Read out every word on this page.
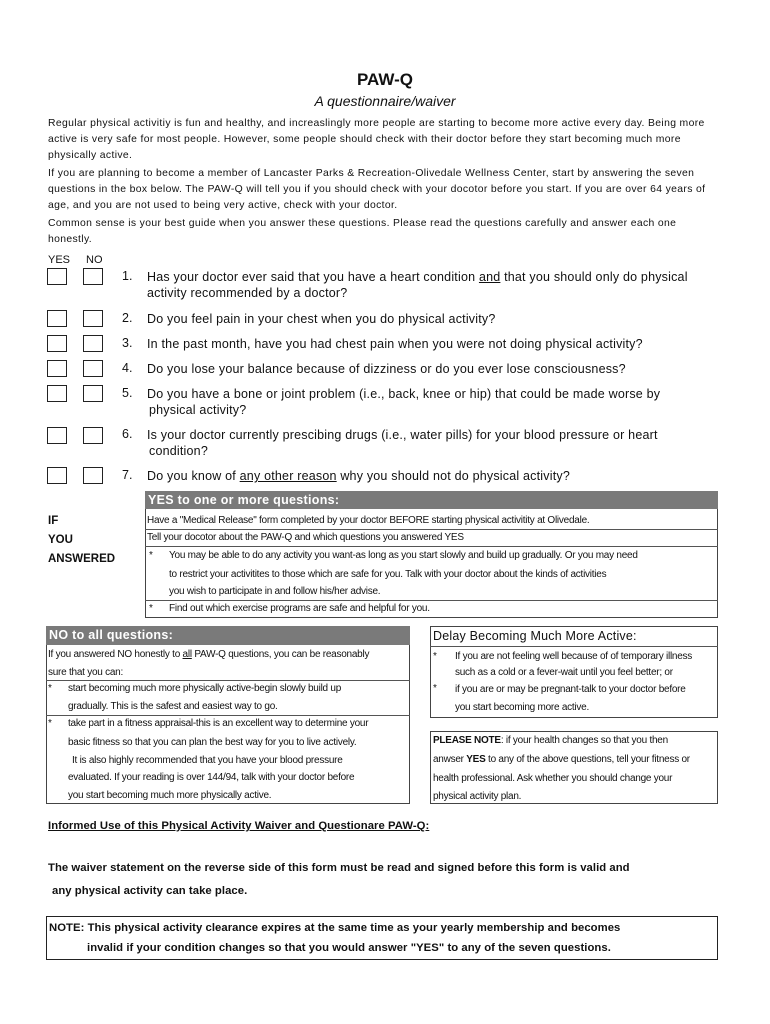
PAW-Q
A questionnaire/waiver

Regular physical activitiy is fun and healthy, and increaslingly more people are starting to become more active every day. Being more active is very safe for most people. However, some people should check with their doctor before they start becoming much more physically active.

If you are planning to become a member of Lancaster Parks & Recreation-Olivedale Wellness Center, start by answering the seven questions in the box below. The PAW-Q will tell you if you should check with your docotor before you start. If you are over 64 years of age, and you are not used to being very active, check with your doctor.

Common sense is your best guide when you answer these questions. Please read the questions carefully and answer each one honestly.

YES NO
1. Has your doctor ever said that you have a heart condition and that you should only do physical
activity recommended by a doctor?
2. Do you feel pain in your chest when you do physical activity?
3. In the past month, have you had chest pain when you were not doing physical activity?
4. Do you lose your balance because of dizziness or do you ever lose consciousness?
5. Do you have a bone or joint problem (i.e., back, knee or hip) that could be made worse by
physical activity?
6. Is your doctor currently prescibing drugs (i.e., water pills) for your blood pressure or heart
condition?
7. Do you know of any other reason why you should not do physical activity?
IF
YOU
ANSWERED
YES to one or more questions:
Have a "Medical Release" form completed by your doctor BEFORE starting physical activitity at Olivedale.
Tell your docotor about the PAW-Q and which questions you answered YES
* You may be able to do any activity you want-as long as you start slowly and build up gradually. Or you may need
to restrict your activitites to those which are safe for you. Talk with your doctor about the kinds of activities
you wish to participate in and follow his/her advise.
* Find out which exercise programs are safe and helpful for you.
NO to all questions:
If you answered NO honestly to all PAW-Q questions, you can be reasonably
sure that you can:
* start becoming much more physically active-begin slowly build up
gradually. This is the safest and easiest way to go.
* take part in a fitness appraisal-this is an excellent way to determine your
basic fitness so that you can plan the best way for you to live actively.
It is also highly recommended that you have your blood pressure
evaluated. If your reading is over 144/94, talk with your doctor before
you start becoming much more physically active.
Delay Becoming Much More Active:
* If you are not feeling well because of of temporary illness
such as a cold or a fever-wait until you feel better; or
* if you are or may be pregnant-talk to your doctor before
you start becoming more active.
PLEASE NOTE: if your health changes so that you then
anwser YES to any of the above questions, tell your fitness or
health professional. Ask whether you should change your
physical activity plan.
Informed Use of this Physical Activity Waiver and Questionare PAW-Q:
The waiver statement on the reverse side of this form must be read and signed before this form is valid and
any physical activity can take place.
NOTE: This physical activity clearance expires at the same time as your yearly membership and becomes
invalid if your condition changes so that you would answer "YES" to any of the seven questions.
